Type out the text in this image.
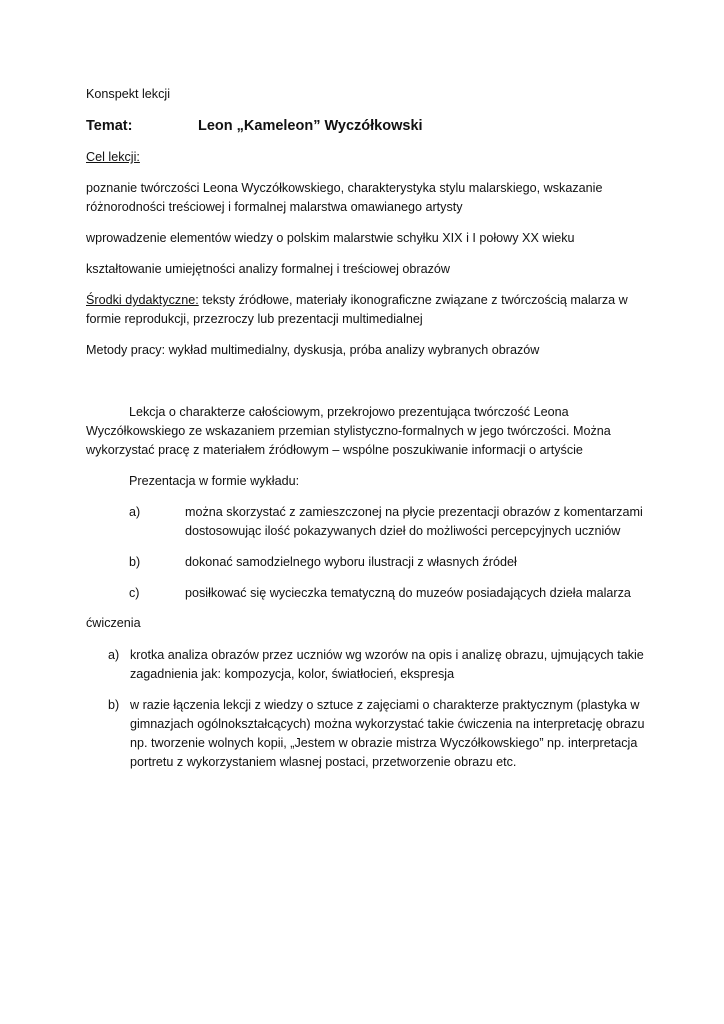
Konspekt lekcji

Temat:	Leon „Kameleon” Wyczółkowski

Cel lekcji:

poznanie twórczości Leona Wyczółkowskiego, charakterystyka stylu malarskiego, wskazanie różnorodności treściowej i formalnej malarstwa omawianego artysty

wprowadzenie elementów wiedzy o polskim malarstwie schyłku XIX i I połowy XX wieku

kształtowanie umiejętności analizy formalnej i treściowej obrazów

Środki dydaktyczne: teksty źródłowe, materiały ikonograficzne związane z twórczością malarza w formie reprodukcji, przezroczy lub prezentacji multimedialnej

Metody pracy: wykład multimedialny, dyskusja, próba analizy wybranych obrazów

Lekcja o charakterze całościowym, przekrojowo prezentująca twórczość Leona Wyczółkowskiego ze wskazaniem przemian stylistyczno-formalnych w jego twórczości. Można wykorzystać pracę z materiałem źródłowym – wspólne poszukiwanie informacji o artyście

Prezentacja w formie wykładu:

a)	można skorzystać z zamieszczonej na płycie prezentacji obrazów z komentarzami dostosowując ilość pokazywanych dzieł do możliwości percepcyjnych uczniów
b)	dokonać samodzielnego wyboru ilustracji z własnych źródeł
c)	posiłkować się wycieczka tematyczną do muzeów posiadających dzieła malarza

ćwiczenia

a) krotka analiza obrazów przez uczniów wg wzorów na opis i analizę obrazu, ujmujących takie zagadnienia jak: kompozycja, kolor, światłocień, ekspresja
b) w razie łączenia lekcji z wiedzy o sztuce z zajęciami o charakterze praktycznym (plastyka w gimnazjach ogólnokształcących) można wykorzystać takie ćwiczenia na interpretację obrazu np. tworzenie wolnych kopii, „Jestem w obrazie mistrza Wyczółkowskiego” np. interpretacja portretu z wykorzystaniem wlasnej postaci, przetworzenie obrazu etc.
